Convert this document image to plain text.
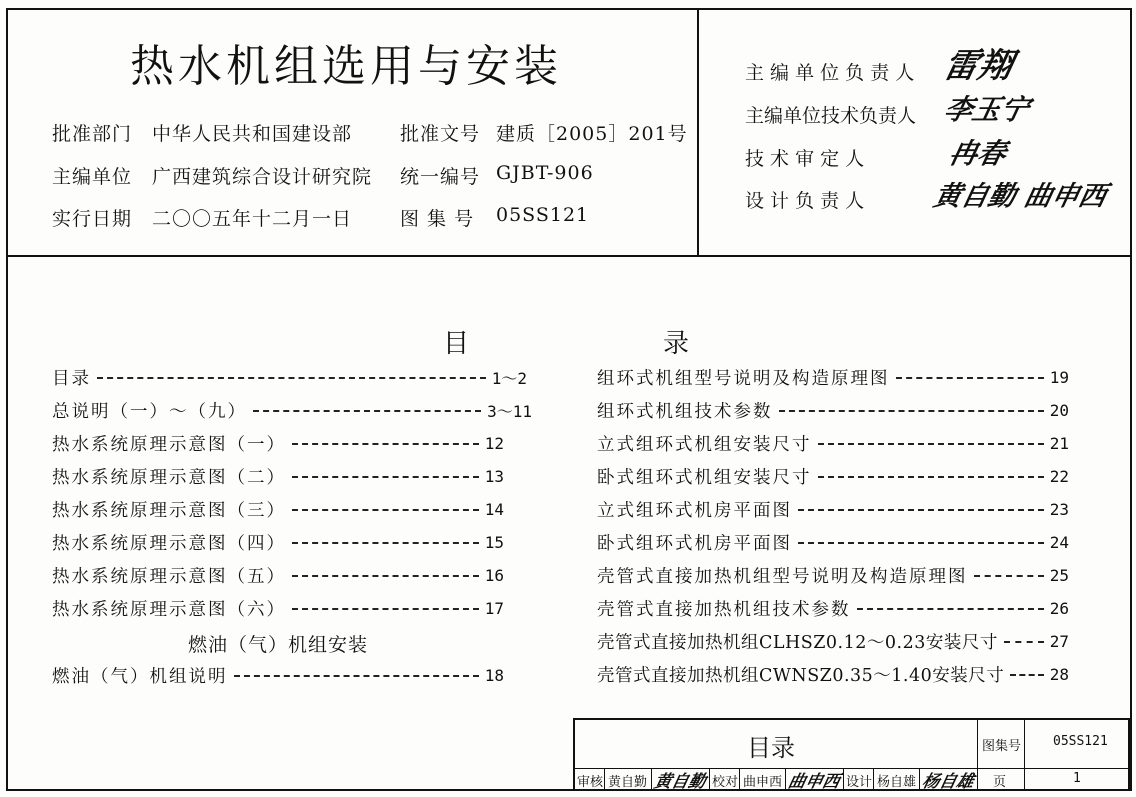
热水机组选用与安装
批准部门 中华人民共和国建设部	批准文号 建质［2005］201号
主编单位 广西建筑综合设计研究院 统一编号 GJBT-906
实行日期 二〇〇五年十二月一日	图 集 号 05SS121
主 编 单 位 负 责 人 雷翔
主编单位技术负责人 李玉宁
技 术 审 定 人	冉春
设 计 负 责 人 黄自勤 曲申西
目	录
目录	1～2
总说明（一）～（九）	3～11
热水系统原理示意图（一）	12
热水系统原理示意图（二）	13
热水系统原理示意图（三）	14
热水系统原理示意图（四）	15
热水系统原理示意图（五）	16
热水系统原理示意图（六）	17
燃油（气）机组安装
燃油（气）机组说明	18
组环式机组型号说明及构造原理图	19
组环式机组技术参数	20
立式组环式机组安装尺寸	21
卧式组环式机组安装尺寸	22
立式组环式机房平面图	23
卧式组环式机房平面图	24
壳管式直接加热机组型号说明及构造原理图	25
壳管式直接加热机组技术参数	26
壳管式直接加热机组CLHSZ0.12～0.23安装尺寸	27
壳管式直接加热机组CWNSZ0.35～1.40安装尺寸	28
目录	图集号 05SS121
审核 黄自勤 黄自勤 校对 曲申西 曲申西 设计 杨自雄 杨自雄 页	1
